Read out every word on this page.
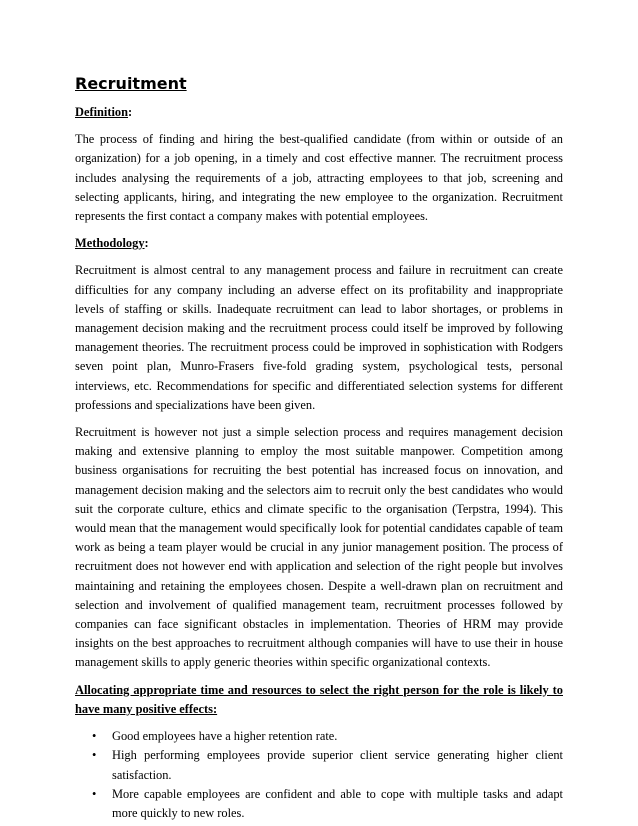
Recruitment
Definition:

The process of finding and hiring the best-qualified candidate (from within or outside of an organization) for a job opening, in a timely and cost effective manner. The recruitment process includes analysing the requirements of a job, attracting employees to that job, screening and selecting applicants, hiring, and integrating the new employee to the organization. Recruitment represents the first contact a company makes with potential employees.

Methodology:

Recruitment is almost central to any management process and failure in recruitment can create difficulties for any company including an adverse effect on its profitability and inappropriate levels of staffing or skills. Inadequate recruitment can lead to labor shortages, or problems in management decision making and the recruitment process could itself be improved by following management theories. The recruitment process could be improved in sophistication with Rodgers seven point plan, Munro-Frasers five-fold grading system, psychological tests, personal interviews, etc. Recommendations for specific and differentiated selection systems for different professions and specializations have been given.

Recruitment is however not just a simple selection process and requires management decision making and extensive planning to employ the most suitable manpower. Competition among business organisations for recruiting the best potential has increased focus on innovation, and management decision making and the selectors aim to recruit only the best candidates who would suit the corporate culture, ethics and climate specific to the organisation (Terpstra, 1994). This would mean that the management would specifically look for potential candidates capable of team work as being a team player would be crucial in any junior management position. The process of recruitment does not however end with application and selection of the right people but involves maintaining and retaining the employees chosen. Despite a well-drawn plan on recruitment and selection and involvement of qualified management team, recruitment processes followed by companies can face significant obstacles in implementation. Theories of HRM may provide insights on the best approaches to recruitment although companies will have to use their in house management skills to apply generic theories within specific organizational contexts.

Allocating appropriate time and resources to select the right person for the role is likely to have many positive effects:
• Good employees have a higher retention rate.
• High performing employees provide superior client service generating higher client satisfaction.
• More capable employees are confident and able to cope with multiple tasks and adapt more quickly to new roles.
